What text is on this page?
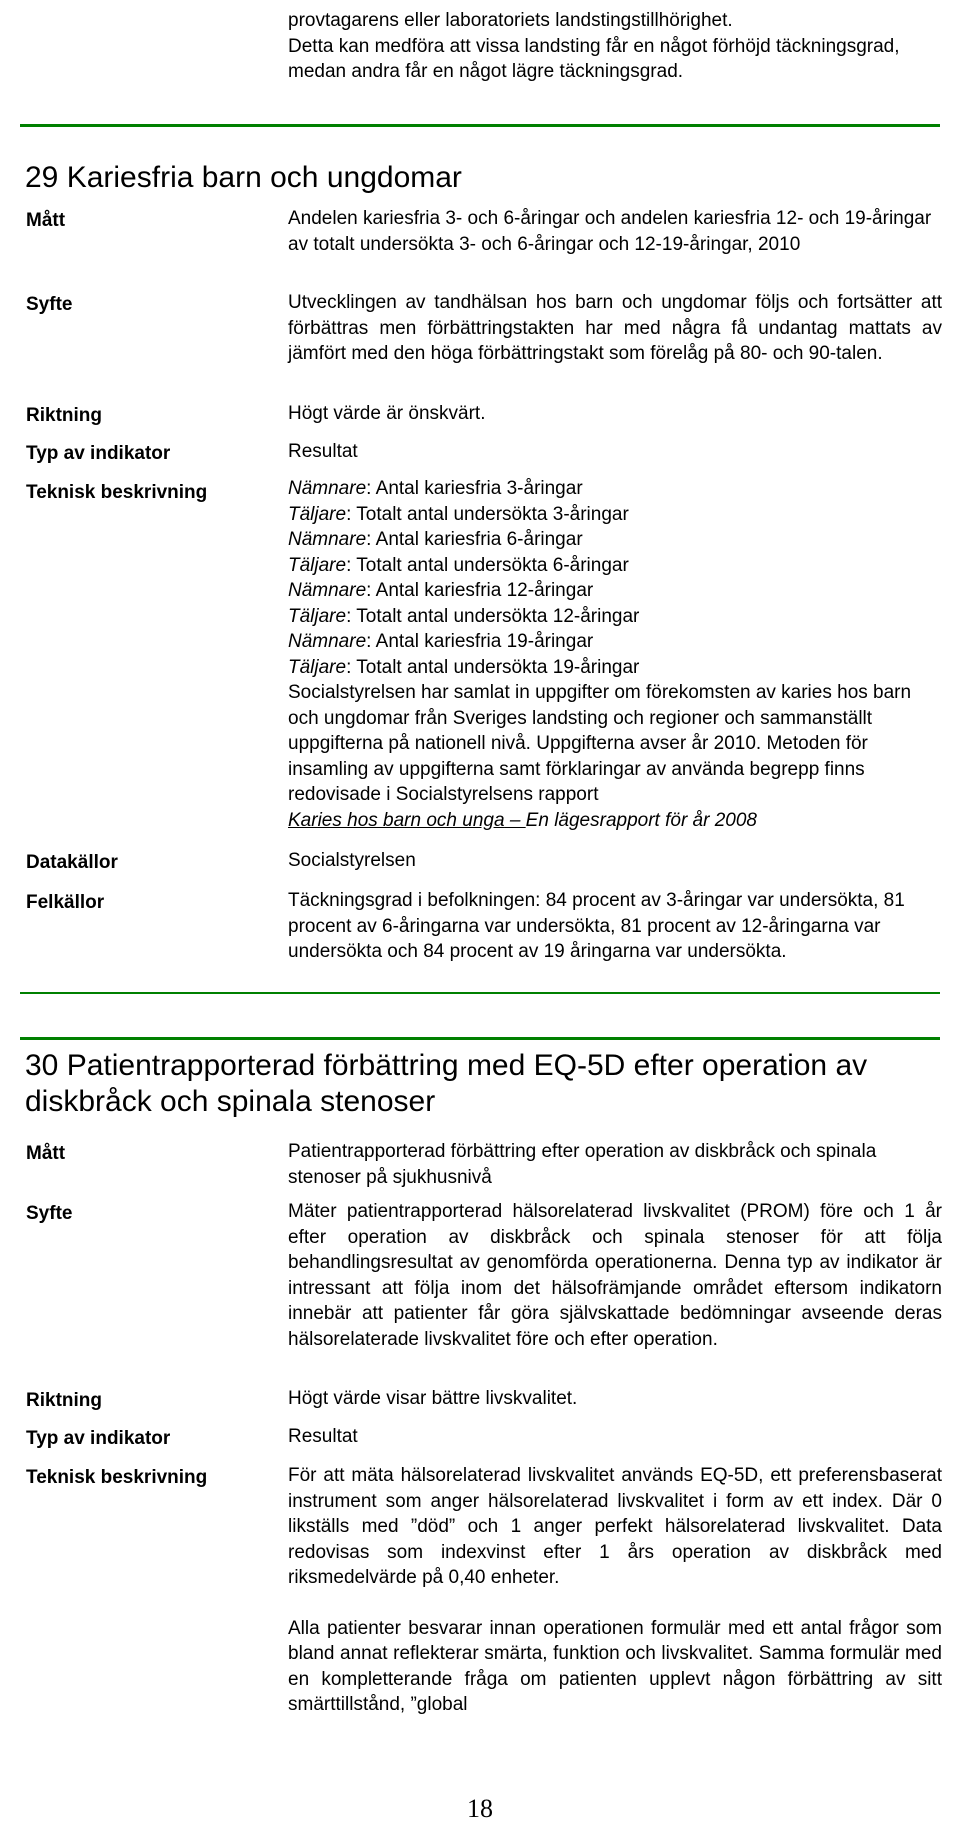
provtagarens eller laboratoriets landstingstillhörighet.

Detta kan medföra att vissa landsting får en något förhöjd täckningsgrad, medan andra får en något lägre täckningsgrad.

29 Kariesfria barn och ungdomar
Mått	Andelen kariesfria 3- och 6-åringar och andelen kariesfria 12- och 19-åringar av totalt undersökta 3- och 6-åringar och 12-19-åringar, 2010
Syfte	Utvecklingen av tandhälsan hos barn och ungdomar följs och fortsätter att förbättras men förbättringstakten har med några få undantag mattats av jämfört med den höga förbättringstakt som förelåg på 80- och 90-talen.
Riktning	Högt värde är önskvärt.
Typ av indikator	Resultat
Teknisk beskrivning	Nämnare: Antal kariesfria 3-åringar
Täljare: Totalt antal undersökta 3-åringar
Nämnare: Antal kariesfria 6-åringar
Täljare: Totalt antal undersökta 6-åringar
Nämnare: Antal kariesfria 12-åringar
Täljare: Totalt antal undersökta 12-åringar
Nämnare: Antal kariesfria 19-åringar
Täljare: Totalt antal undersökta 19-åringar

Socialstyrelsen har samlat in uppgifter om förekomsten av karies hos barn och ungdomar från Sveriges landsting och regioner och sammanställt uppgifterna på nationell nivå. Uppgifterna avser år 2010. Metoden för insamling av uppgifterna samt förklaringar av använda begrepp finns redovisade i Socialstyrelsens rapport

Karies hos barn och unga – En lägesrapport för år 2008

Datakällor	Socialstyrelsen
Felkällor	Täckningsgrad i befolkningen: 84 procent av 3-åringar var undersökta, 81 procent av 6-åringarna var undersökta, 81 procent av 12-åringarna var undersökta och 84 procent av 19 åringarna var undersökta.
30 Patientrapporterad förbättring med EQ-5D efter operation av diskbråck och spinala stenoser
Mått	Patientrapporterad förbättring efter operation av diskbråck och spinala stenoser på sjukhusnivå
Syfte	Mäter patientrapporterad hälsorelaterad livskvalitet (PROM) före och 1 år efter operation av diskbråck och spinala stenoser för att följa behandlingsresultat av genomförda operationerna. Denna typ av indikator är intressant att följa inom det hälsofrämjande området eftersom indikatorn innebär att patienter får göra självskattade bedömningar avseende deras hälsorelaterade livskvalitet före och efter operation.
Riktning	Högt värde visar bättre livskvalitet.
Typ av indikator	Resultat
Teknisk beskrivning	För att mäta hälsorelaterad livskvalitet används EQ-5D, ett preferensbaserat instrument som anger hälsorelaterad livskvalitet i form av ett index. Där 0 likställs med ”död” och 1 anger perfekt hälsorelaterad livskvalitet. Data redovisas som indexvinst efter 1 års operation av diskbråck med riksmedelvärde på 0,40 enheter.

Alla patienter besvarar innan operationen formulär med ett antal frågor som bland annat reflekterar smärta, funktion och livskvalitet. Samma formulär med en kompletterande fråga om patienten upplevt någon förbättring av sitt smärttillstånd, ”global

18
